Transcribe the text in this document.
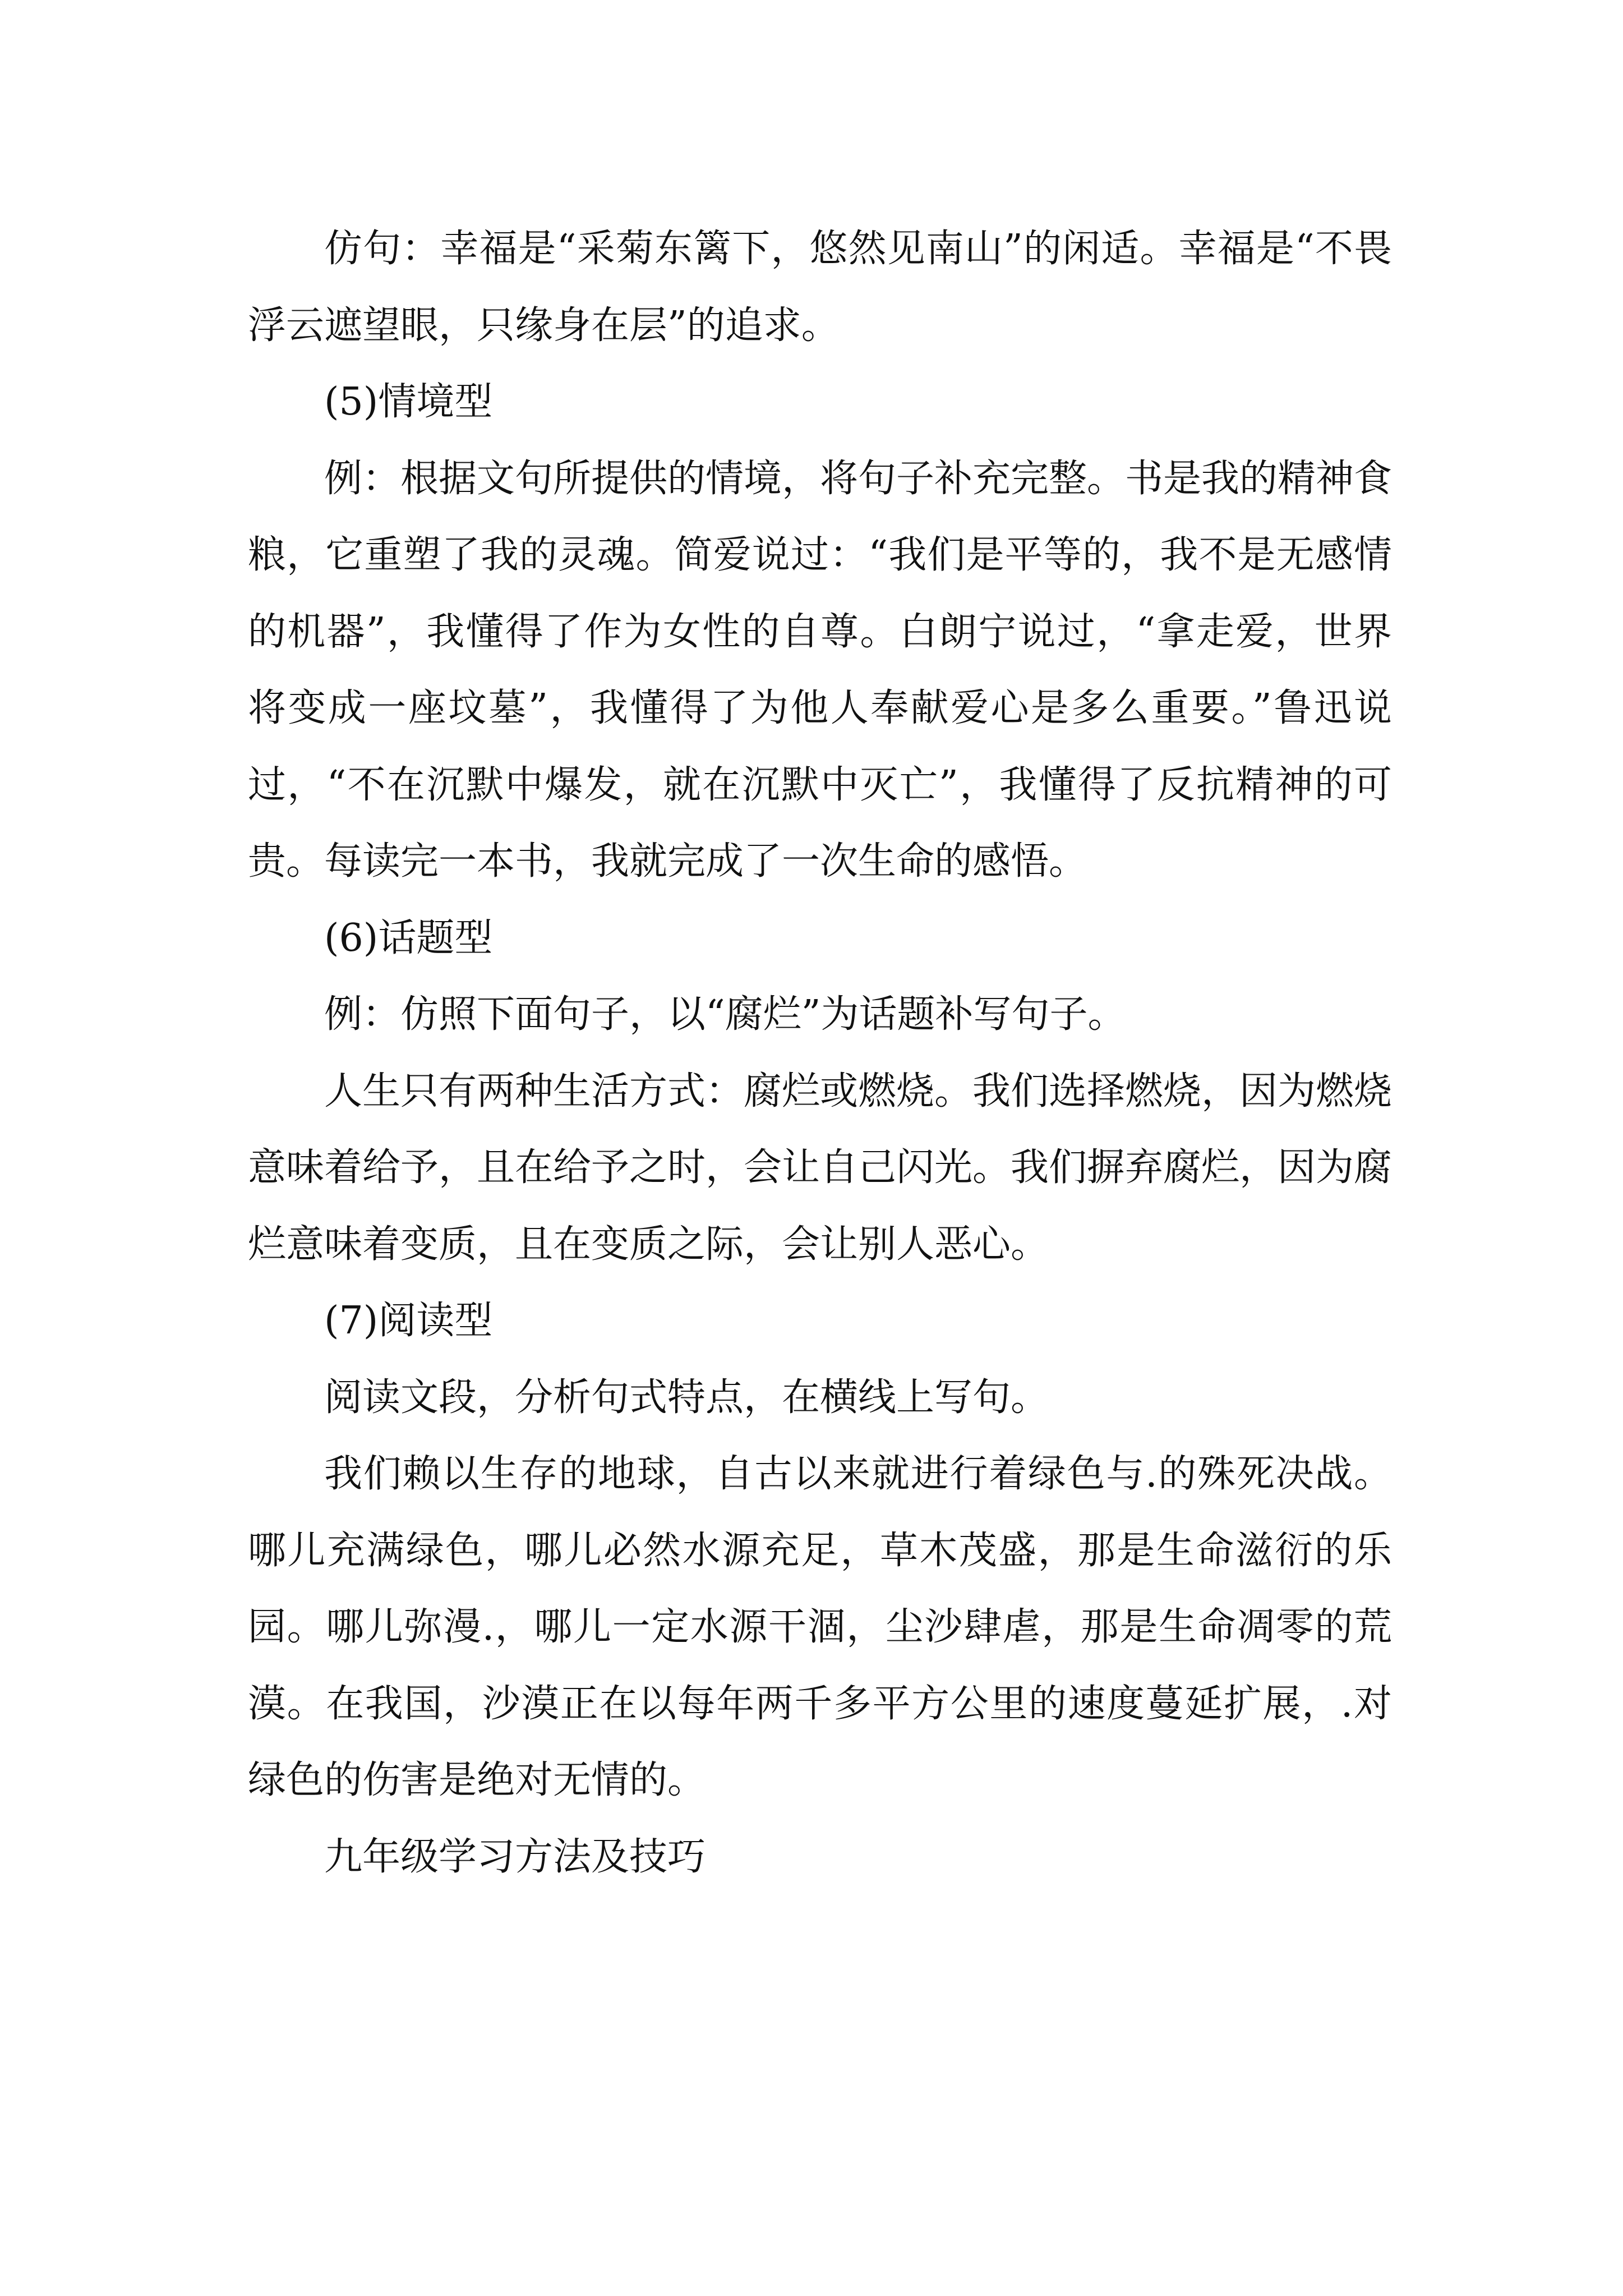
仿句：幸福是“采菊东篱下，悠然见南山”的闲适。幸福是“不畏浮云遮望眼，只缘身在层”的追求。

(5)情境型

例：根据文句所提供的情境，将句子补充完整。书是我的精神食粮，它重塑了我的灵魂。简爱说过：“我们是平等的，我不是无感情的机器”，我懂得了作为女性的自尊。白朗宁说过，“拿走爱，世界将变成一座坟墓”，我懂得了为他人奉献爱心是多么重要。”鲁迅说过，“不在沉默中爆发，就在沉默中灭亡”，我懂得了反抗精神的可贵。每读完一本书，我就完成了一次生命的感悟。

(6)话题型

例：仿照下面句子，以“腐烂”为话题补写句子。

人生只有两种生活方式：腐烂或燃烧。我们选择燃烧，因为燃烧意味着给予，且在给予之时，会让自己闪光。我们摒弃腐烂，因为腐烂意味着变质，且在变质之际，会让别人恶心。

(7)阅读型

阅读文段，分析句式特点，在横线上写句。

我们赖以生存的地球，自古以来就进行着绿色与.的殊死决战。哪儿充满绿色，哪儿必然水源充足，草木茂盛，那是生命滋衍的乐园。哪儿弥漫.，哪儿一定水源干涸，尘沙肆虐，那是生命凋零的荒漠。在我国，沙漠正在以每年两千多平方公里的速度蔓延扩展，.对绿色的伤害是绝对无情的。

九年级学习方法及技巧
